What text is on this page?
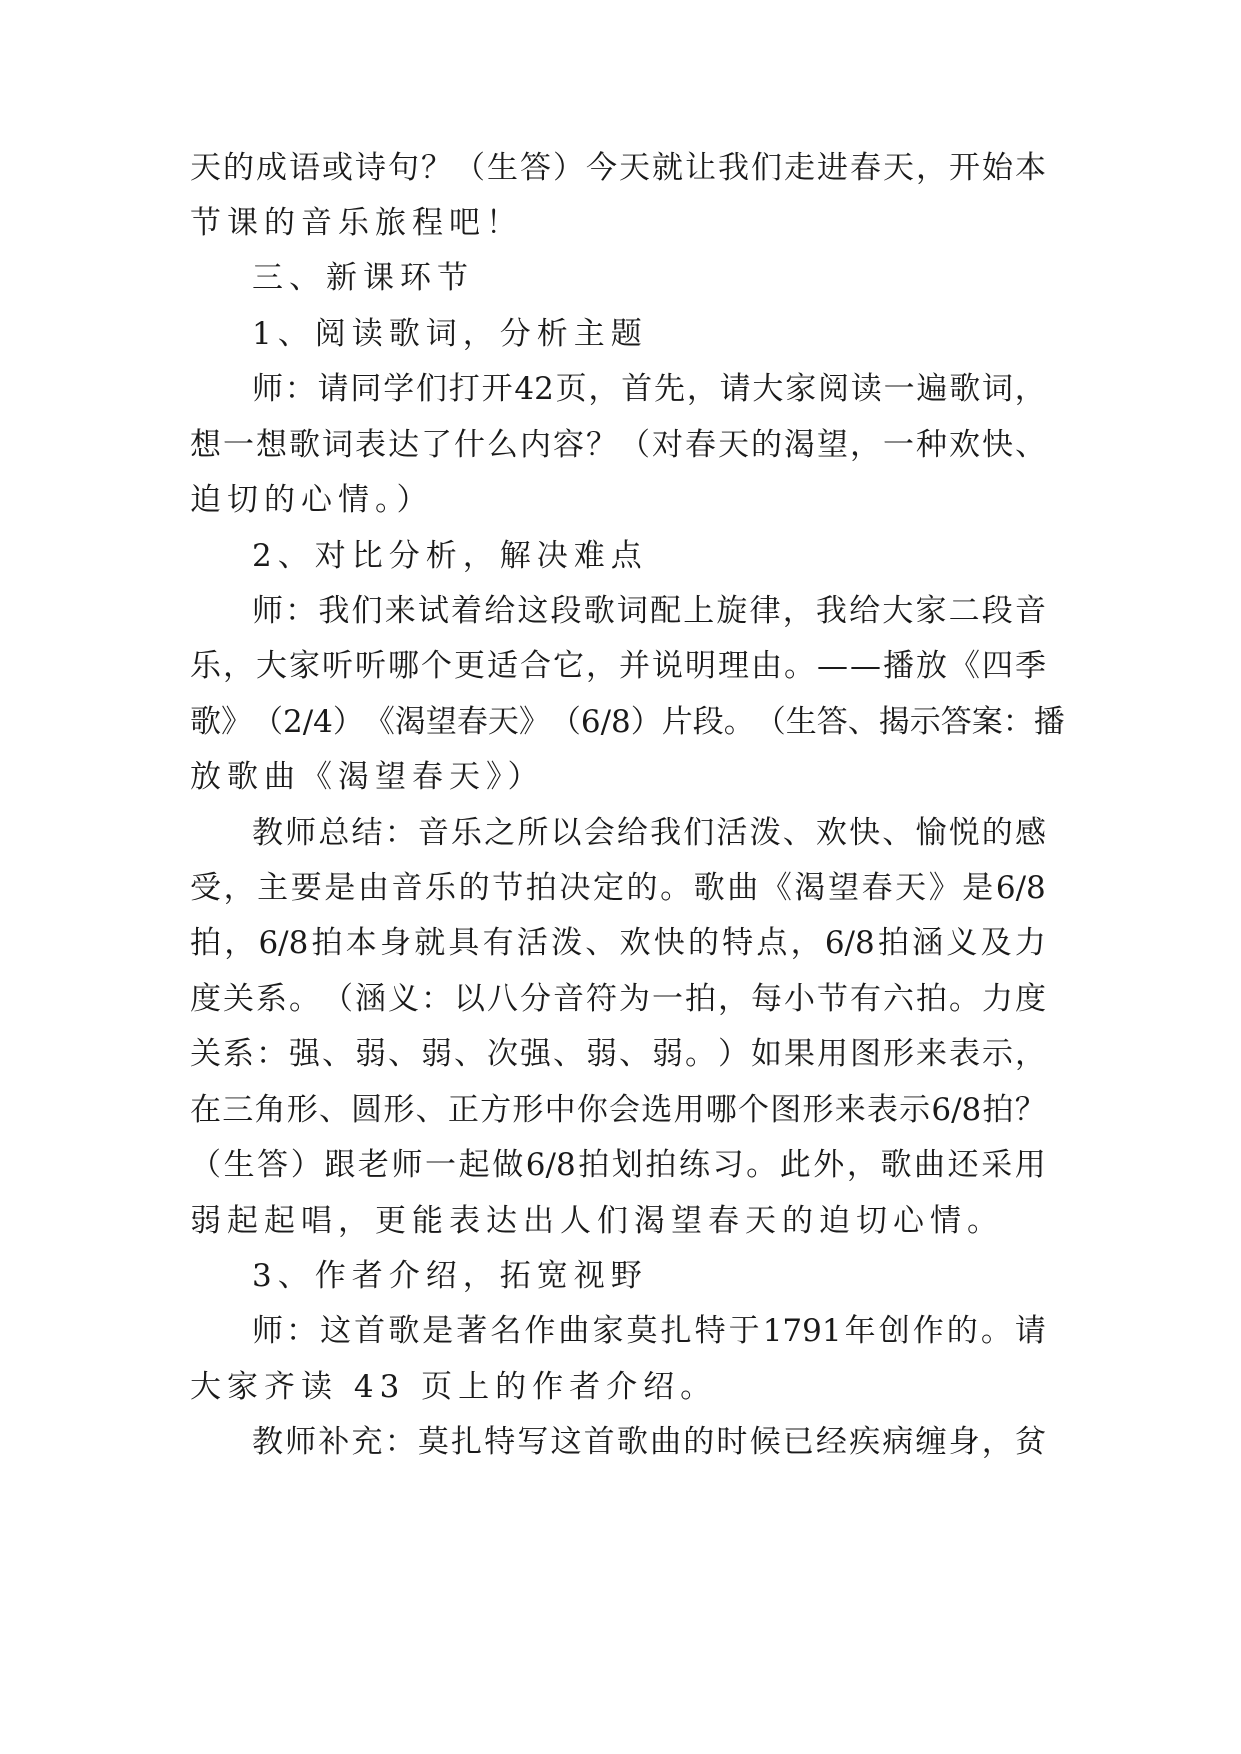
天 的 成 语 或 诗 句 ？ （ 生 答 ） 今 天 就 让 我 们 走 进 春 天 ， 开 始 本
节课的音乐旅程吧！
三、新课环节
1、阅读歌词，分析主题
师 ： 请 同 学 们 打 开 42 页 ， 首 先 ， 请 大 家 阅 读 一 遍 歌 词 ，
想 一 想 歌 词 表 达 了 什 么 内 容 ？ （ 对 春 天 的 渴 望 ， 一 种 欢 快 、
迫切的心情。）
2、对比分析，解决难点
师 ： 我 们 来 试 着 给 这 段 歌 词 配 上 旋 律 ， 我 给 大 家 二 段 音
乐 ， 大 家 听 听 哪 个 更 适 合 它 ， 并 说 明 理 由 。 — — 播 放 《 四 季
歌 》 （ 2/4 ） 《 渴 望 春 天 》 （ 6/8 ） 片 段 。 （ 生 答 、 揭 示 答 案 ： 播
放歌曲《渴望春天》）
教 师 总 结 ： 音 乐 之 所 以 会 给 我 们 活 泼 、 欢 快 、 愉 悦 的 感
受 ， 主 要 是 由 音 乐 的 节 拍 决 定 的 。 歌 曲 《 渴 望 春 天 》 是 6/8
拍 ， 6/8 拍 本 身 就 具 有 活 泼 、 欢 快 的 特 点 ， 6/8 拍 涵 义 及 力
度 关 系 。 （ 涵 义 ： 以 八 分 音 符 为 一 拍 ， 每 小 节 有 六 拍 。 力 度
关 系 ： 强 、 弱 、 弱 、 次 强 、 弱 、 弱 。 ） 如 果 用 图 形 来 表 示 ，
在 三 角 形 、 圆 形 、 正 方 形 中 你 会 选 用 哪 个 图 形 来 表 示 6/8 拍 ？
（ 生 答 ） 跟 老 师 一 起 做 6/8 拍 划 拍 练 习 。 此 外 ， 歌 曲 还 采 用
弱起起唱，更能表达出人们渴望春天的迫切心情。
3、作者介绍，拓宽视野
师 ： 这 首 歌 是 著 名 作 曲 家 莫 扎 特 于 1791 年 创 作 的 。 请
大家齐读 43 页上的作者介绍。
教 师 补 充 ： 莫 扎 特 写 这 首 歌 曲 的 时 候 已 经 疾 病 缠 身 ， 贫
